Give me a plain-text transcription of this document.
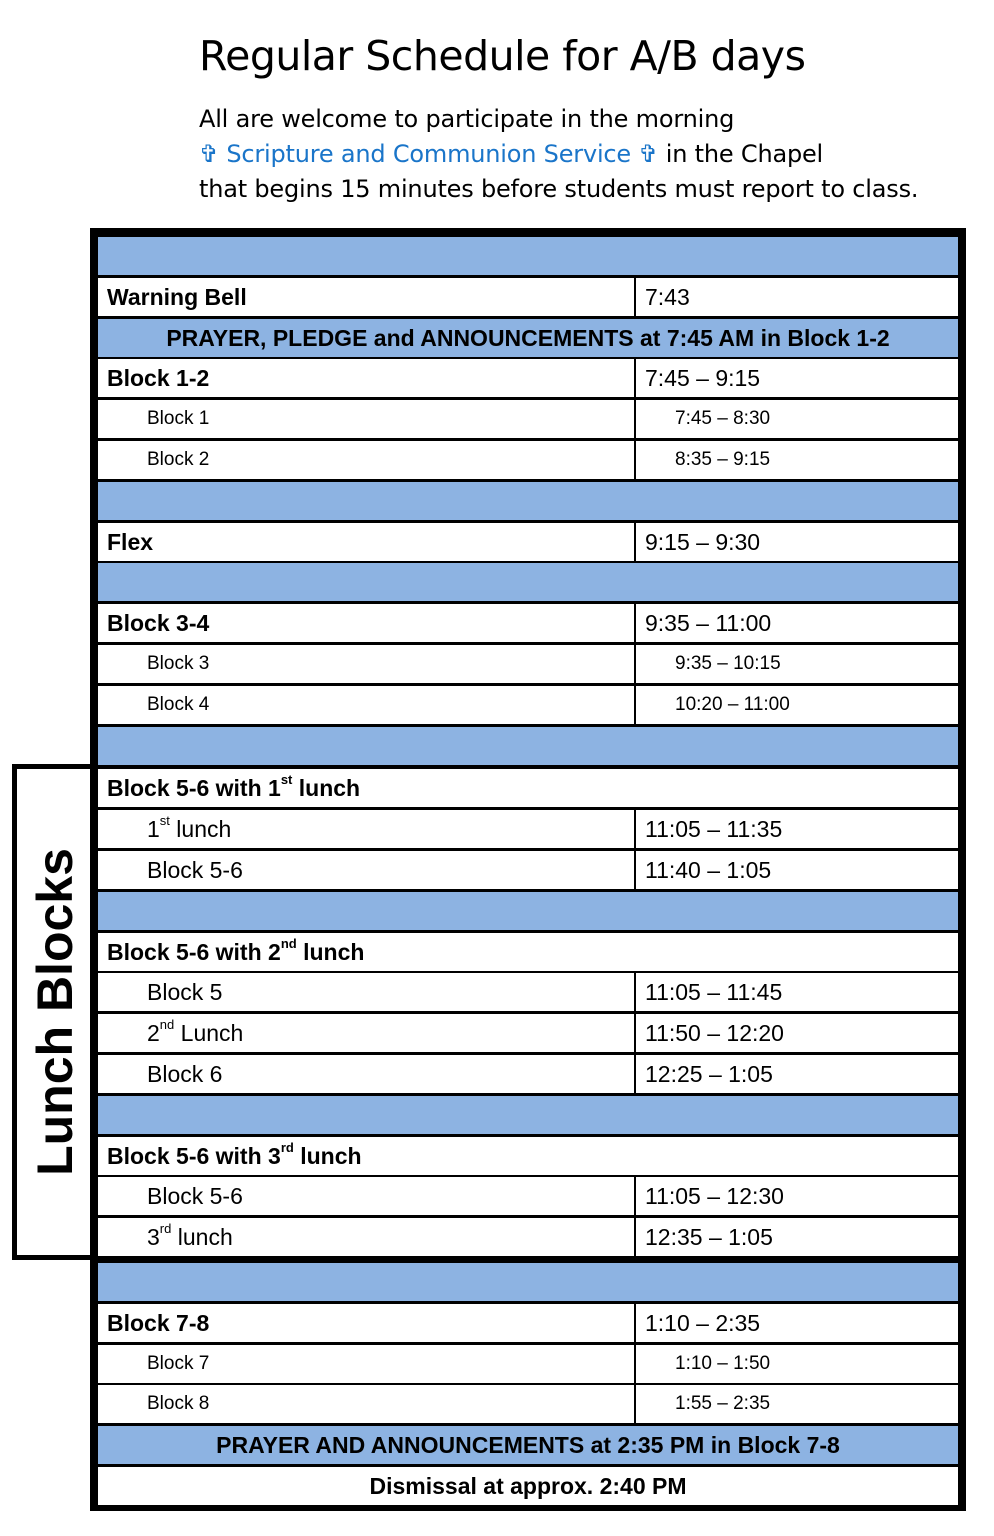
Regular Schedule for A/B days
All are welcome to participate in the morning
✞ Scripture and Communion Service ✞ in the Chapel
that begins 15 minutes before students must report to class.
Warning Bell	7:43
PRAYER, PLEDGE and ANNOUNCEMENTS at 7:45 AM in Block 1-2
Block 1-2	7:45 – 9:15
Block 1	7:45 – 8:30
Block 2	8:35 – 9:15
Flex	9:15 – 9:30
Block 3-4	9:35 – 11:00
Block 3	9:35 – 10:15
Block 4	10:20 – 11:00
Block 5-6 with 1st lunch
1st lunch	11:05 – 11:35
Block 5-6	11:40 – 1:05
Block 5-6 with 2nd lunch
Block 5	11:05 – 11:45
2nd Lunch	11:50 – 12:20
Block 6	12:25 – 1:05
Block 5-6 with 3rd lunch
Block 5-6	11:05 – 12:30
3rd lunch	12:35 – 1:05
Block 7-8	1:10 – 2:35
Block 7	1:10 – 1:50
Block 8	1:55 – 2:35
PRAYER AND ANNOUNCEMENTS at 2:35 PM in Block 7-8
Dismissal at approx. 2:40 PM
Lunch Blocks
